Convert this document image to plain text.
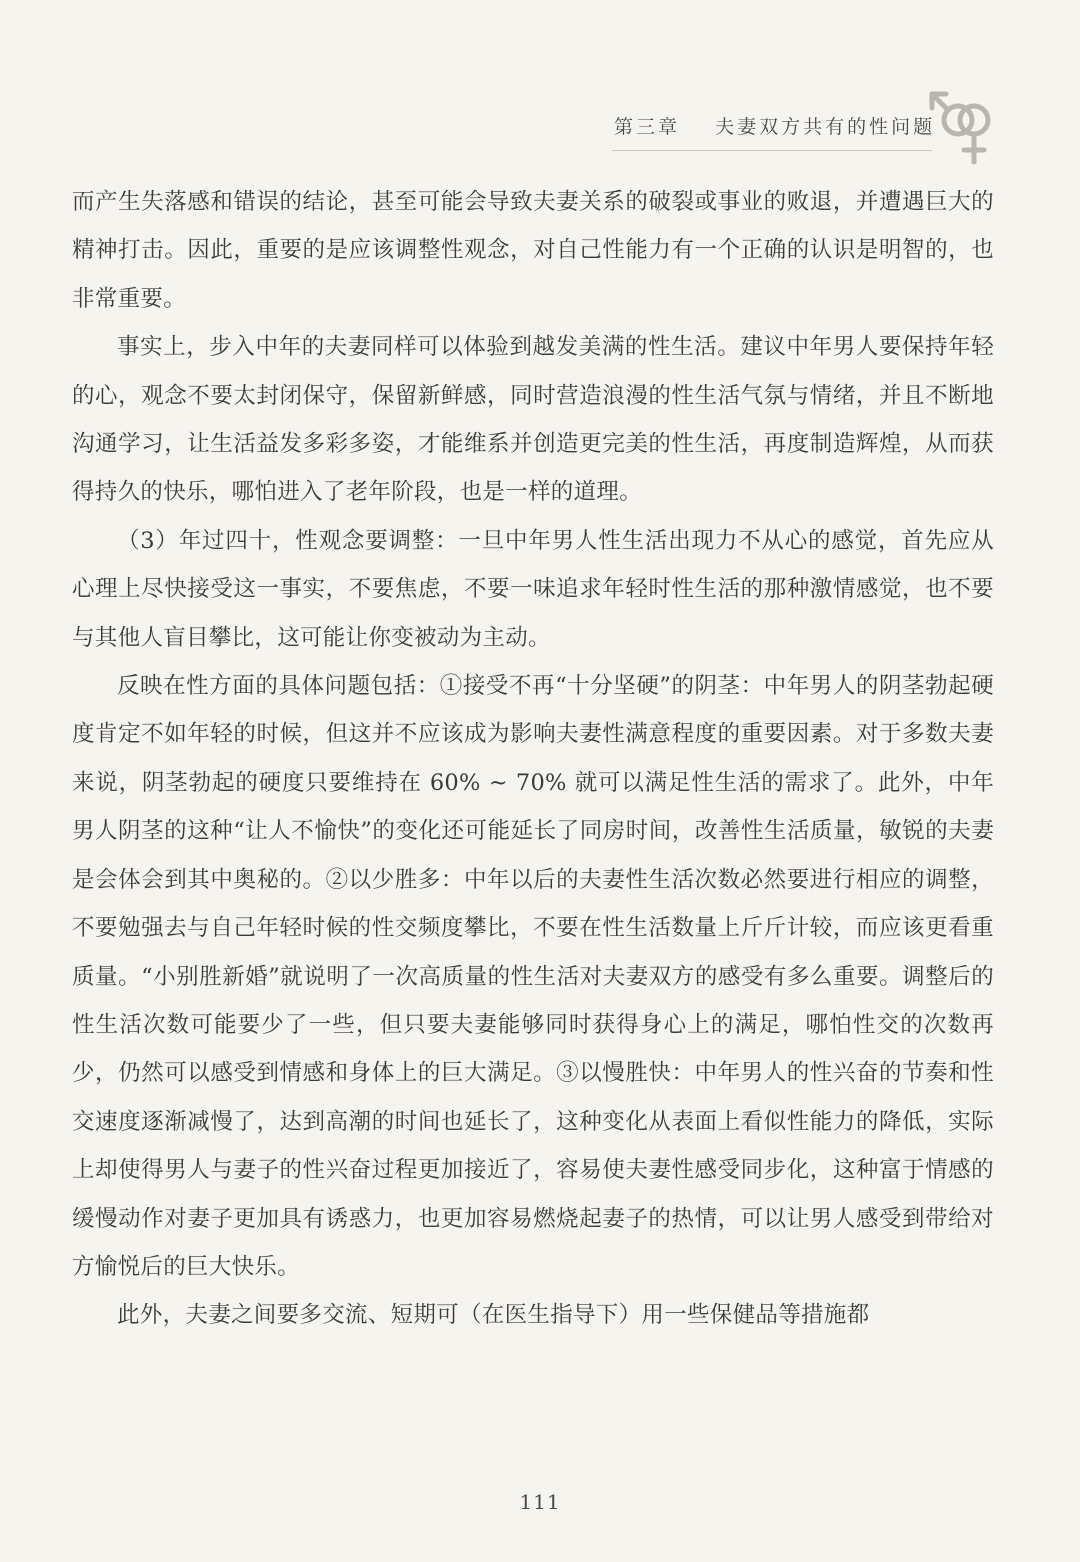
第三章 夫妻双方共有的性问题

而产生失落感和错误的结论，甚至可能会导致夫妻关系的破裂或事业的败退，并遭遇巨大的精神打击。因此，重要的是应该调整性观念，对自己性能力有一个正确的认识是明智的，也非常重要。

事实上，步入中年的夫妻同样可以体验到越发美满的性生活。建议中年男人要保持年轻的心，观念不要太封闭保守，保留新鲜感，同时营造浪漫的性生活气氛与情绪，并且不断地沟通学习，让生活益发多彩多姿，才能维系并创造更完美的性生活，再度制造辉煌，从而获得持久的快乐，哪怕进入了老年阶段，也是一样的道理。

（3）年过四十，性观念要调整：一旦中年男人性生活出现力不从心的感觉，首先应从心理上尽快接受这一事实，不要焦虑，不要一味追求年轻时性生活的那种激情感觉，也不要与其他人盲目攀比，这可能让你变被动为主动。

反映在性方面的具体问题包括：①接受不再“十分坚硬”的阴茎：中年男人的阴茎勃起硬度肯定不如年轻的时候，但这并不应该成为影响夫妻性满意程度的重要因素。对于多数夫妻来说，阴茎勃起的硬度只要维持在 60% ~ 70% 就可以满足性生活的需求了。此外，中年男人阴茎的这种“让人不愉快”的变化还可能延长了同房时间，改善性生活质量，敏锐的夫妻是会体会到其中奥秘的。②以少胜多：中年以后的夫妻性生活次数必然要进行相应的调整，不要勉强去与自己年轻时候的性交频度攀比，不要在性生活数量上斤斤计较，而应该更看重质量。“小别胜新婚”就说明了一次高质量的性生活对夫妻双方的感受有多么重要。调整后的性生活次数可能要少了一些，但只要夫妻能够同时获得身心上的满足，哪怕性交的次数再少，仍然可以感受到情感和身体上的巨大满足。③以慢胜快：中年男人的性兴奋的节奏和性交速度逐渐减慢了，达到高潮的时间也延长了，这种变化从表面上看似性能力的降低，实际上却使得男人与妻子的性兴奋过程更加接近了，容易使夫妻性感受同步化，这种富于情感的缓慢动作对妻子更加具有诱惑力，也更加容易燃烧起妻子的热情，可以让男人感受到带给对方愉悦后的巨大快乐。

此外，夫妻之间要多交流、短期可（在医生指导下）用一些保健品等措施都

111
